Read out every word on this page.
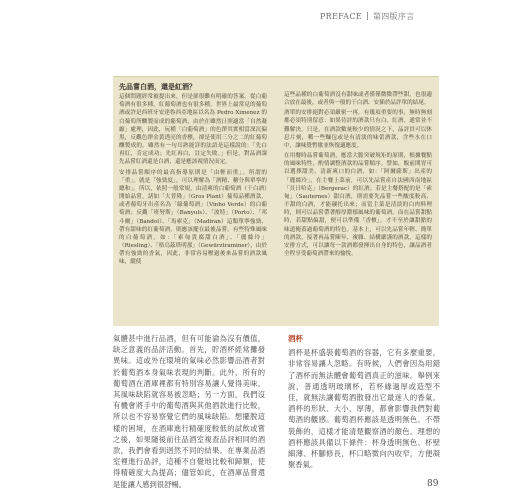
PREFACE 第四版序言
先品嘗白酒，還是紅酒？

這個問題經常被提出來，但是卻很難有明確的答案。從白葡萄酒有很多種，紅葡萄酒也有很多種，世界上最常見的葡萄酒或許是西班牙安達魯西亞地區以名為 Pedro Ximenez 的白葡萄所釀製而成的葡萄酒，由於在雖然日照適當「自然凝縮」處理，因此，玩種「白葡萄酒」的色澤其實相當深沉偏黑，反觀色澤金黃透亮的香檳，卻是使用三分之二的紅葡萄釀製成的。雖然有一句耳熟能詳的法語是這樣說的：「先白再紅，肯定成功；先紅再白，註定失敗。」但是，對品酒課先品嘗紅酒還是白酒，還是應該視情況而定。

安排品嘗順序的最高指導原則是「由輕而重」。所謂的「重」，就是「強勁度」，可以理解為「酒精、糖分與單寧的總和」。所以，依照一般常規，由清爽的白葡萄酒（干白酒）開始品嘗，諸如「大普隆」（Gros Plant）葡萄品種酒款，或者葡萄牙出產名為「綠葡萄酒」（Vinho Verde）的白葡萄酒；反觀「班努斯」（Banyuls）、「波特」（Porto）、「邦斗爾」（Bandol）、「馬索克」（Madiran）這類單寧強勁、帶有甜味的紅葡萄酒，則應該擺在最後品嘗。有些特殊風味的白葡萄酒，如：「索甸貴腐甜白酒」、「麗絲玲」（Riesling）、「格烏茲塔明那」（Gewürztraminer），由於帶有強勁的香氣，因此，非常容易壓過後來品嘗的酒款風味，縱使

這些品種的白葡萄酒沒有甜味或者僅僅微微帶些甜，也很適合放在最後，或者與一般的干白酒、安插於品評單的結尾。

酒單的安排絕對必須嚴密一再，有幾項重要的事，無時無刻都必須特別留意：如果待評的酒款只有白、紅酒，通常並不難解決。只是，在酒款數量較少的情況之下，品評員可以休息片刻，嚼一些麵包或是有清淡的味蕾酒款，含些水在口中，讓味覺暫歇並恢復適應度。

在用餐時品嘗葡萄酒，應當大膽突破規矩的原則，根據餐點的風味特性，酌情調整酒款的品嘗順序。譬如，飯前開胃可以選擇甜美、清新爽口的白酒，如：「阿爾薩斯」出產的「麗絲玲」，在主餐上菜前，可以先品嘗產自法國西南地區「貝日哈克」（Bergerac）的紅酒；若是主餐搭配的是「索甸」（Sauternes）甜白酒，則需要先品嘗一些酸度較高、不甜的白酒，才能襯托出來；而當主菜是清淡的白肉料理時，則可以品嘗帶著醇厚濃郁風味的葡萄酒。而在品嘗甜點時，若甜點偏甜，便可以準備「香檳」，才不至於讓甜點的味道掩蓋過葡萄酒的特色。基本上，可以先品嘗年輕、簡單的酒款，接著再品嘗陳年、複雜、結構嚴謹的酒款，這樣的安排方式，可以讓每一款酒都發揮出自身的特色，讓品酒者全程享受葡萄酒帶來的愉悅。

氣體甚中進行品酒，但有可能淪為沒有價值，缺乏意義的品評活動。首先，貯酒杯經常攤發異味。這或外在環境的氣味必然影響品酒者對於葡萄酒本身氣味表現的判斷。此外，所有的葡萄酒在酒庫裡都有特別容易讓人覺得美味，其風味缺陷就容易被忽略；另一方面，我們沒有機會將手中的葡萄酒與其他酒款進行比較，所以也不容易察覺它們的風味缺陷。想擺脫這樣的困境，在酒庫進行精確度較低的試飲或嘗之後，如果隨後前往品酒室複查品評相同的酒款，我們會看到迥然不同的結果。在專業品酒室裡進行品評，這種不自覺地比較和歸類，使得精確度大為提高；儘管如此，在酒庫品嘗還是能讓人感到很舒暢。

酒杯

酒杯是杯盛裝葡萄酒的容器，它有多麼重要，非常容易讓人忽略。有時候，人們會因為用錯了酒杯而無法體會葡萄酒真正的滋味。舉例來說，普通透明玻璃杯，若杯緣過厚或造型不佳，就無法讓葡萄酒散發出它最迷人的香氣。酒杯的形狀、大小、厚薄，都會影響我們對葡萄酒的觀感。葡萄酒杯應該是透明無色、不帶裝飾的，這樣才能清楚觀察酒的顏色。理想的酒杯應該具備以下條件：杯身透明無色、杯壁細薄、杯腳修長，杯口略微向內收窄，方便凝聚香氣。

89
